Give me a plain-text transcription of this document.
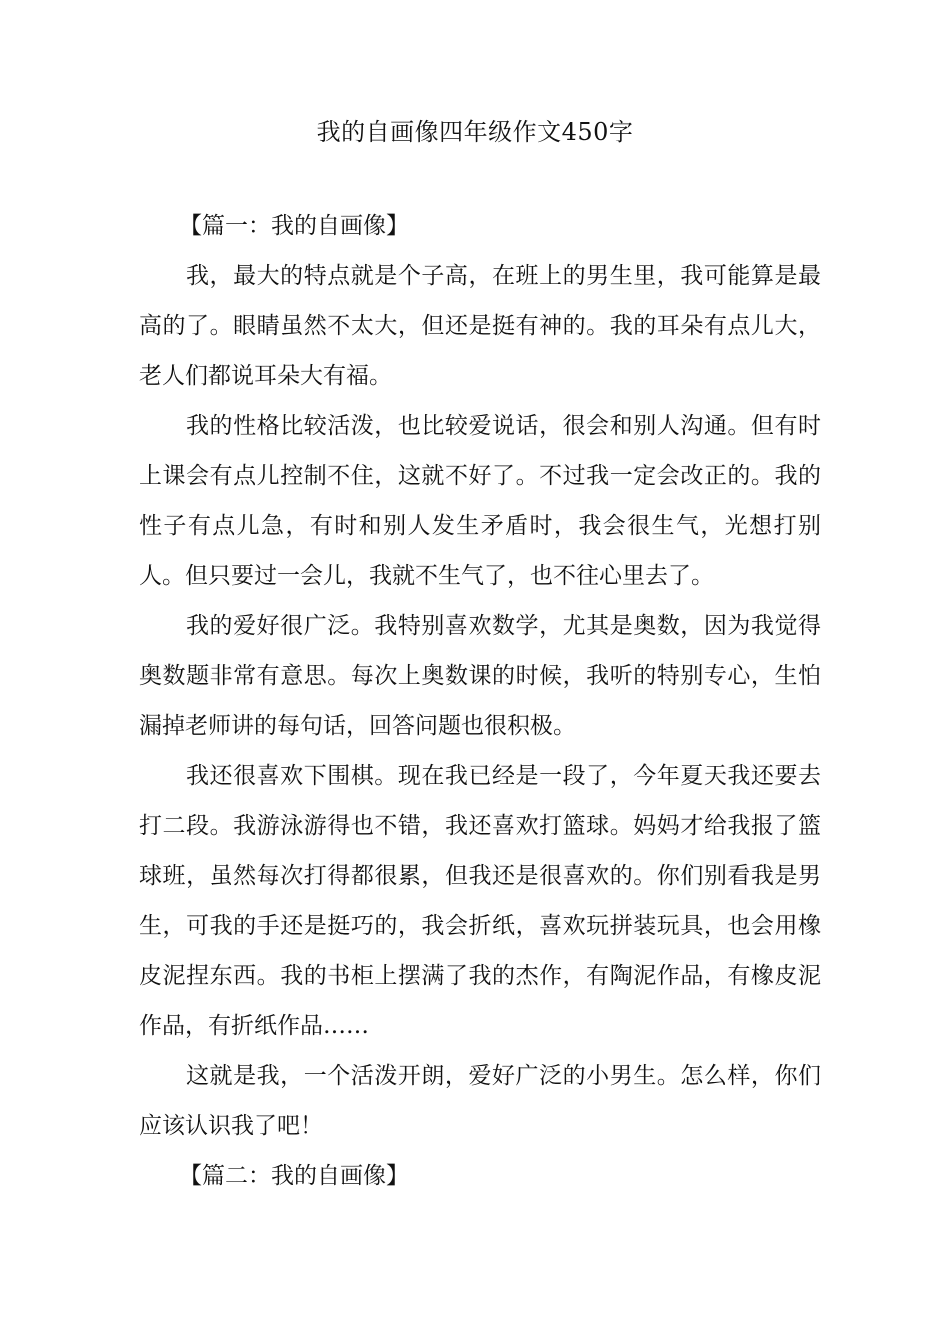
我的自画像四年级作文450字
【篇一：我的自画像】

我，最大的特点就是个子高，在班上的男生里，我可能算是最高的了。眼睛虽然不太大，但还是挺有神的。我的耳朵有点儿大，老人们都说耳朵大有福。

我的性格比较活泼，也比较爱说话，很会和别人沟通。但有时上课会有点儿控制不住，这就不好了。不过我一定会改正的。我的性子有点儿急，有时和别人发生矛盾时，我会很生气，光想打别人。但只要过一会儿，我就不生气了，也不往心里去了。

我的爱好很广泛。我特别喜欢数学，尤其是奥数，因为我觉得奥数题非常有意思。每次上奥数课的时候，我听的特别专心，生怕漏掉老师讲的每句话，回答问题也很积极。

我还很喜欢下围棋。现在我已经是一段了，今年夏天我还要去打二段。我游泳游得也不错，我还喜欢打篮球。妈妈才给我报了篮球班，虽然每次打得都很累，但我还是很喜欢的。你们别看我是男生，可我的手还是挺巧的，我会折纸，喜欢玩拼装玩具，也会用橡皮泥捏东西。我的书柜上摆满了我的杰作，有陶泥作品，有橡皮泥作品，有折纸作品……

这就是我，一个活泼开朗，爱好广泛的小男生。怎么样，你们应该认识我了吧！

【篇二：我的自画像】
